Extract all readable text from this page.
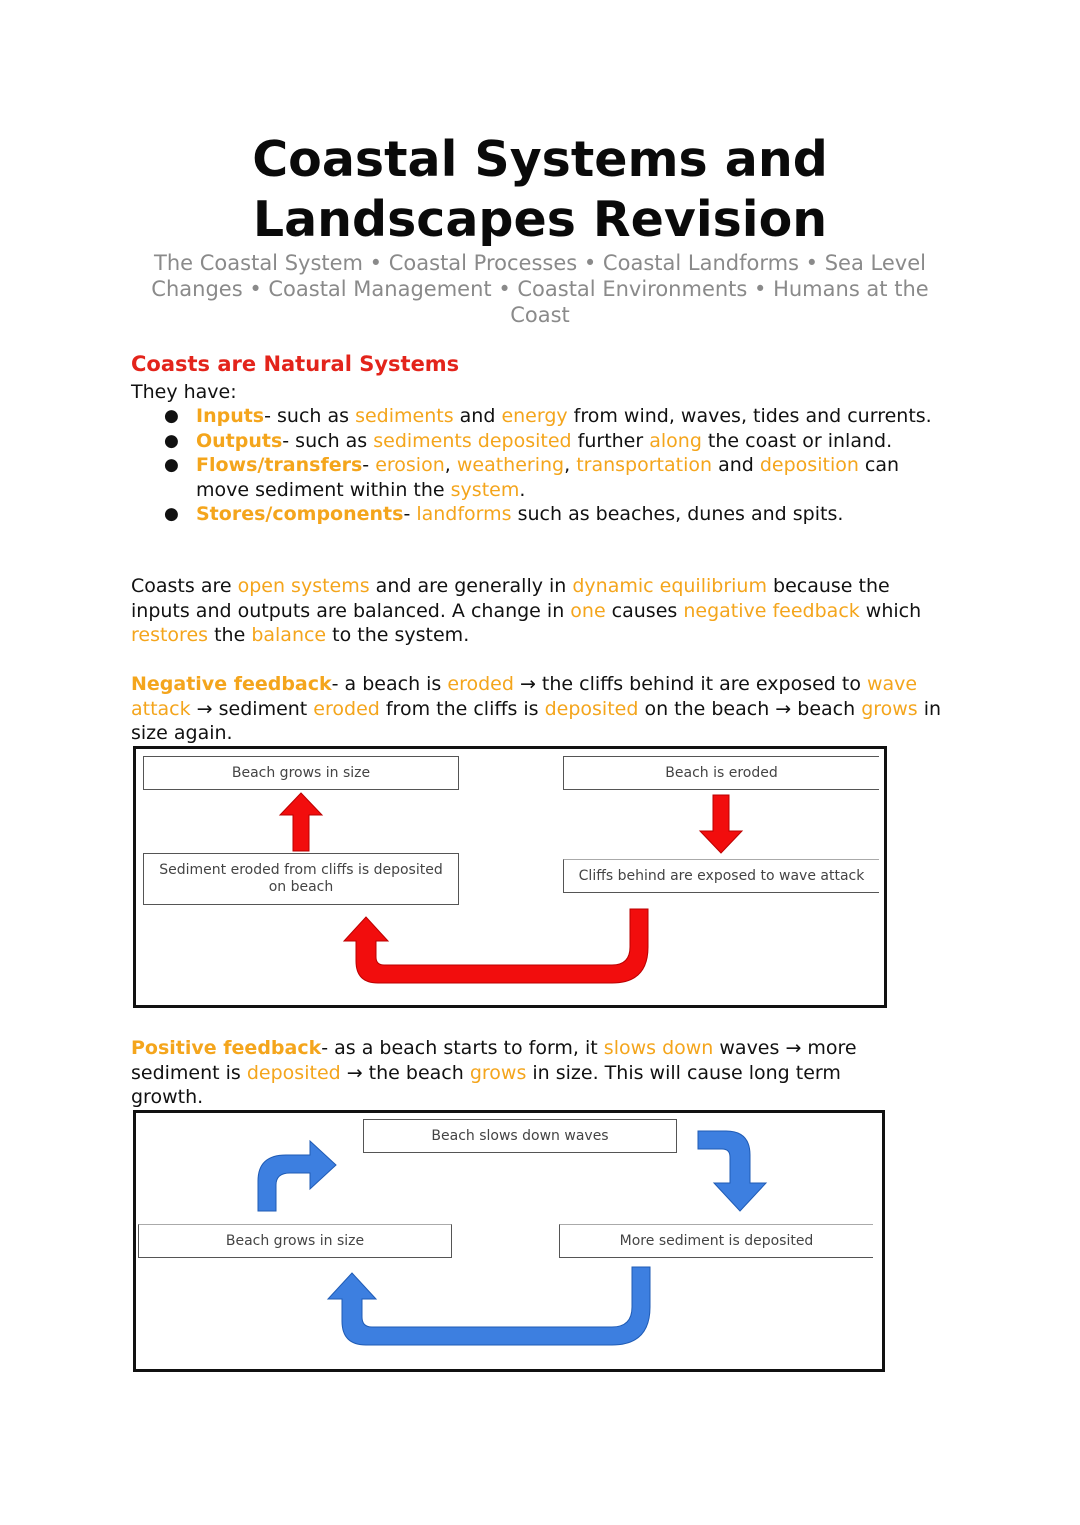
Coastal Systems and
Landscapes Revision
The Coastal System • Coastal Processes • Coastal Landforms • Sea Level Changes • Coastal Management • Coastal Environments • Humans at the Coast
Coasts are Natural Systems
They have:
● Inputs- such as sediments and energy from wind, waves, tides and currents.
● Outputs- such as sediments deposited further along the coast or inland.
● Flows/transfers- erosion, weathering, transportation and deposition can move sediment within the system.
● Stores/components- landforms such as beaches, dunes and spits.
Coasts are open systems and are generally in dynamic equilibrium because the inputs and outputs are balanced. A change in one causes negative feedback which restores the balance to the system.
Negative feedback- a beach is eroded → the cliffs behind it are exposed to wave attack → sediment eroded from the cliffs is deposited on the beach → beach grows in size again.
Beach grows in size	Beach is eroded
Sediment eroded from cliffs is deposited on beach
Cliffs behind are exposed to wave attack
Positive feedback- as a beach starts to form, it slows down waves → more sediment is deposited → the beach grows in size. This will cause long term growth.
Beach slows down waves
Beach grows in size	More sediment is deposited
